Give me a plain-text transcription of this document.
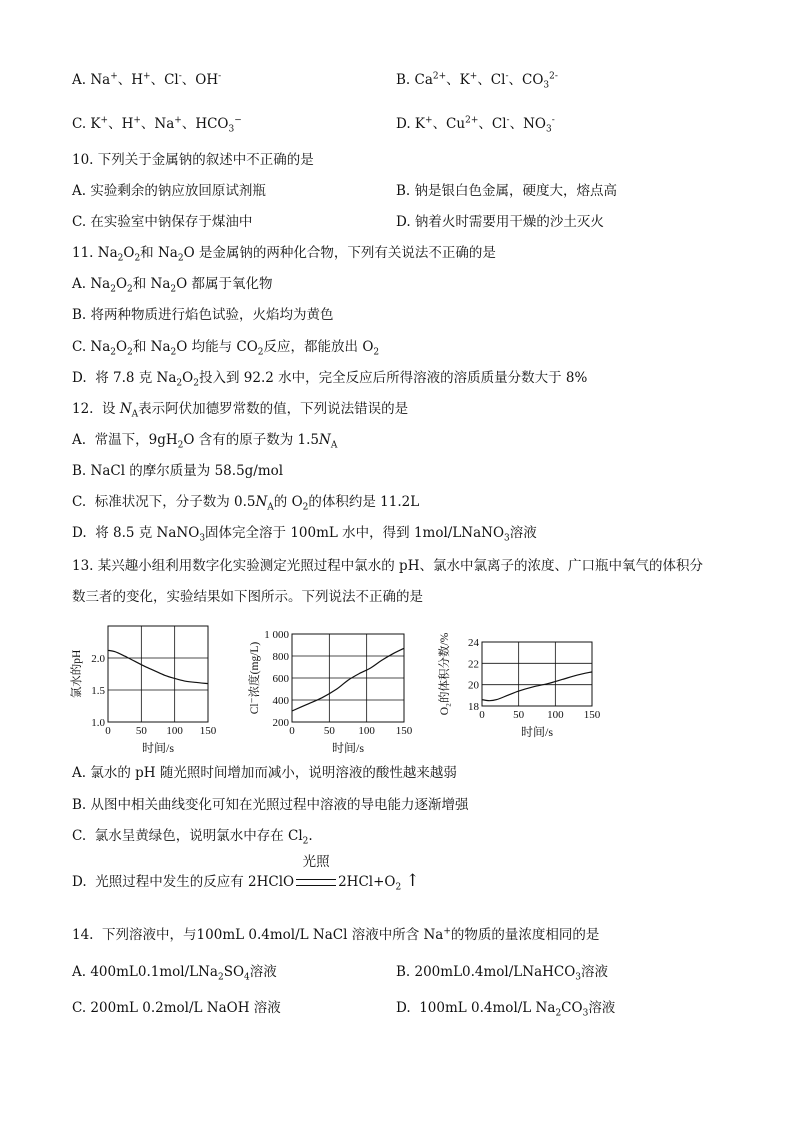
A. Na+、H+、Cl-、OH-	B. $Ca^{2+}$、K+、Cl-、$CO_3^{2-}$
C. K+、H+、Na+、$HCO_3^-$	D. K+、$Cu^{2+}$、Cl-、$NO_3^-$
10. 下列关于金属钠的叙述中不正确的是
A. 实验剩余的钠应放回原试剂瓶	B. 钠是银白色金属，硬度大，熔点高
C. 在实验室中钠保存于煤油中	D. 钠着火时需要用干燥的沙土灭火
11. $Na_2O_2$和 $Na_2O$ 是金属钠的两种化合物，下列有关说法不正确的是
A. $Na_2O_2$和 $Na_2O$ 都属于氧化物
B. 将两种物质进行焰色试验，火焰均为黄色
C. $Na_2O_2$和 $Na_2O$ 均能与 $CO_2$反应，都能放出 $O_2$
D.  将 7.8 克 $Na_2O_2$投入到 92.2 水中，完全反应后所得溶液的溶质质量分数大于 8%
12.  设 $N_A$表示阿伏加德罗常数的值，下列说法错误的是
A.  常温下，$9gH_2O$ 含有的原子数为 $1.5N_A$
B. NaCl 的摩尔质量为 58.5g/mol
C.  标准状况下，分子数为 $0.5N_A$的 $O_2$的体积约是 11.2L
D.  将 8.5 克 NaNO$_3$固体完全溶于 100mL 水中，得到 1mol/LNaNO$_3$溶液
13. 某兴趣小组利用数字化实验测定光照过程中氯水的 pH、氯水中氯离子的浓度、广口瓶中氧气的体积分
数三者的变化，实验结果如下图所示。下列说法不正确的是
0 50 100 150
1.0
1.5
2.0
时间/s
氯水的pH
0	50 100 150
200
400
600
800
1 000
时间/s
Cl⁻浓度(mg/L)
0	50 100 150
18
20
22
24
时间/s
O₂的体积分数/%
A. 氯水的 pH 随光照时间增加而减小，说明溶液的酸性越来越弱
B. 从图中相关曲线变化可知在光照过程中溶液的导电能力逐渐增强
C.  氯水呈黄绿色，说明氯水中存在 $Cl_2$.
D.  光照过程中发生的反应有 2HClO
光照
$2HCl+O_2$ ↑
14.  下列溶液中，与100mL 0.4mol/L NaCl 溶液中所含 Na+的物质的量浓度相同的是
A. $400mL0.1mol/LNa_2SO_4$溶液	B. 200mL0.4mol/LNaHCO$_3$溶液
C. 200mL 0.2mol/L NaOH 溶液	D.  100mL 0.4mol/L $Na_2CO_3$溶液
